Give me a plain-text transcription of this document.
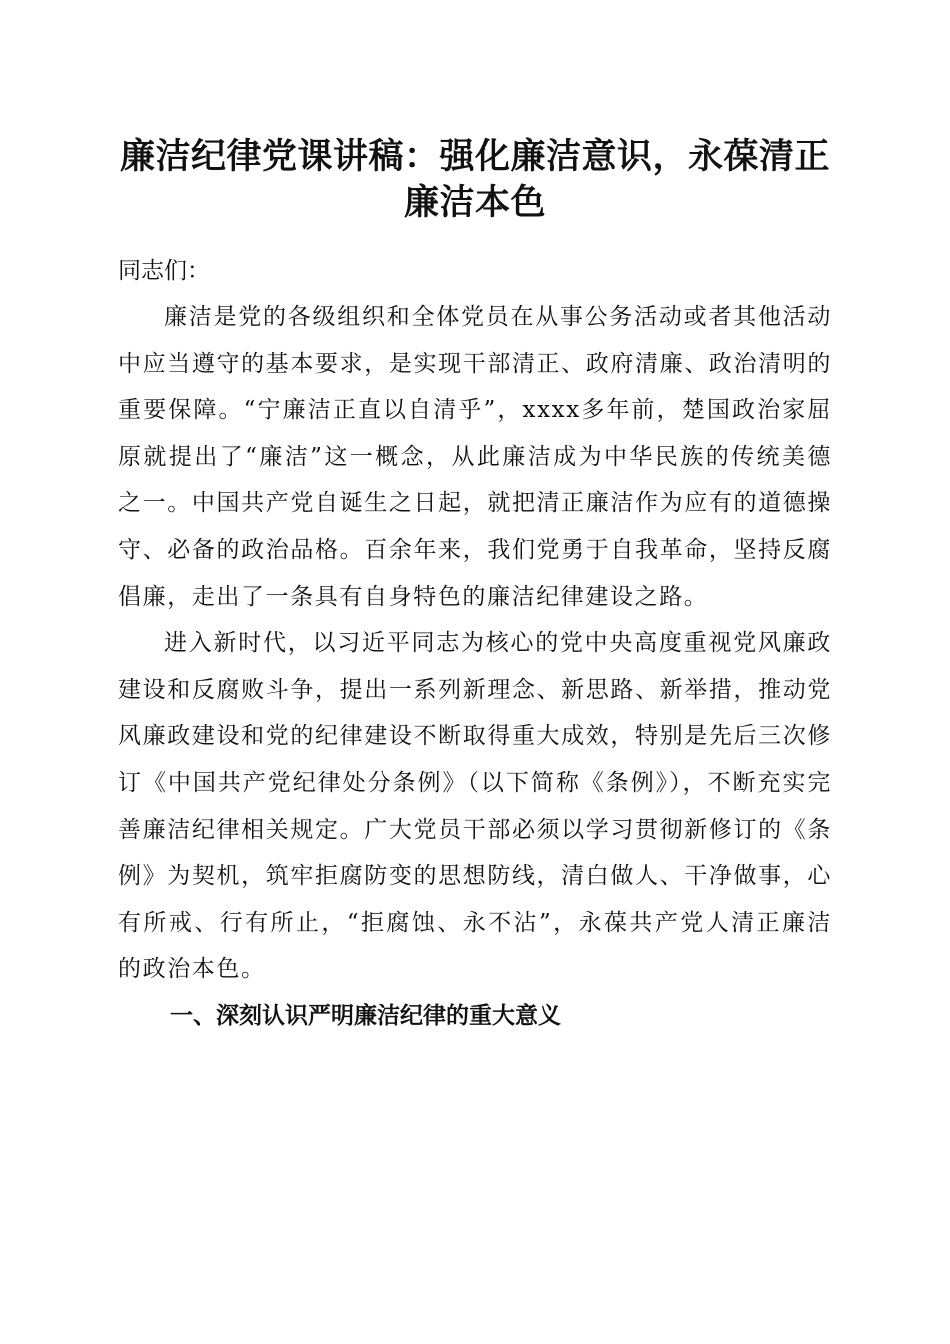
廉洁纪律党课讲稿：强化廉洁意识，永葆清正
廉洁本色

同志们：

廉洁是党的各级组织和全体党员在从事公务活动或者其他活动中应当遵守的基本要求，是实现干部清正、政府清廉、政治清明的重要保障。“宁廉洁正直以自清乎”，xxxx多年前，楚国政治家屈原就提出了“廉洁”这一概念，从此廉洁成为中华民族的传统美德之一。中国共产党自诞生之日起，就把清正廉洁作为应有的道德操守、必备的政治品格。百余年来，我们党勇于自我革命，坚持反腐倡廉，走出了一条具有自身特色的廉洁纪律建设之路。

进入新时代，以习近平同志为核心的党中央高度重视党风廉政建设和反腐败斗争，提出一系列新理念、新思路、新举措，推动党风廉政建设和党的纪律建设不断取得重大成效，特别是先后三次修订《中国共产党纪律处分条例》（以下简称《条例》），不断充实完善廉洁纪律相关规定。广大党员干部必须以学习贯彻新修订的《条例》为契机，筑牢拒腐防变的思想防线，清白做人、干净做事，心有所戒、行有所止，“拒腐蚀、永不沾”，永葆共产党人清正廉洁的政治本色。

一、深刻认识严明廉洁纪律的重大意义
